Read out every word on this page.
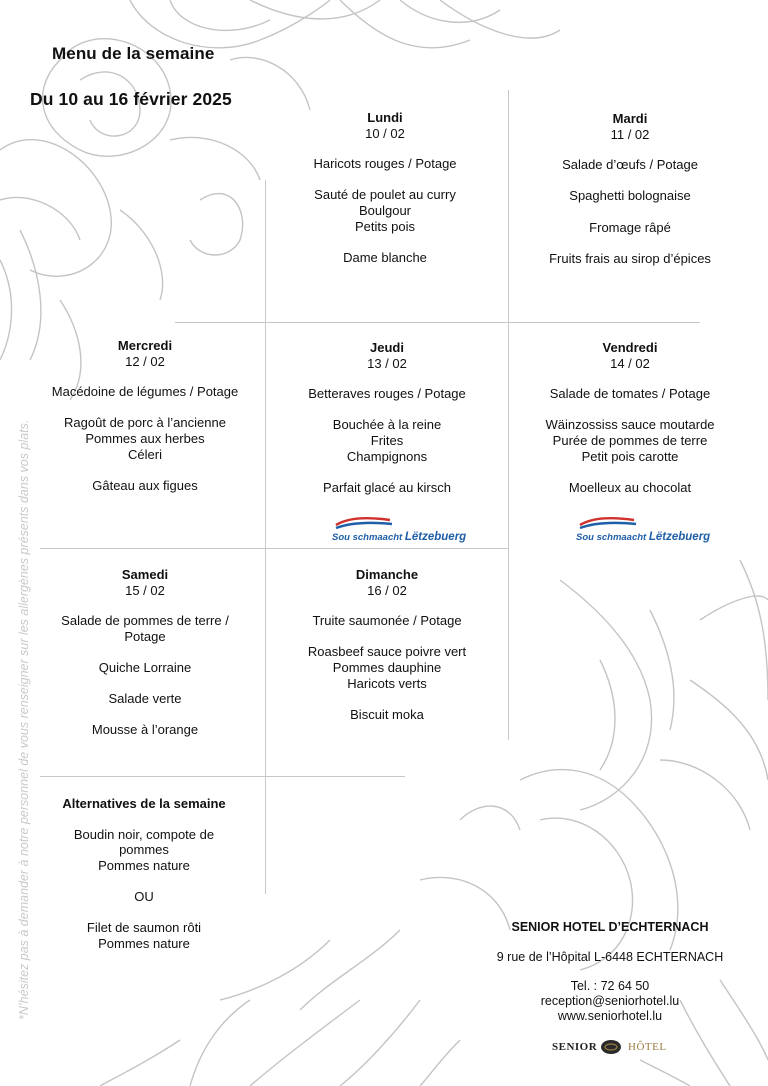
Menu de la semaine
Du 10 au 16 février 2025
Lundi
10 / 02
Haricots rouges / Potage
Sauté de poulet au curry
Boulgour
Petits pois
Dame blanche
Mardi
11 / 02
Salade d’œufs / Potage
Spaghetti bolognaise
Fromage râpé
Fruits frais au sirop d’épices
Mercredi
12 / 02
Macédoine de légumes / Potage
Ragoût de porc à l’ancienne
Pommes aux herbes
Céleri
Gâteau aux figues
Jeudi
13 / 02
Betteraves rouges / Potage
Bouchée à la reine
Frites
Champignons
Parfait glacé au kirsch
Vendredi
14 / 02
Salade de tomates / Potage
Wäinzossiss sauce moutarde
Purée de pommes de terre
Petit pois carotte
Moelleux au chocolat
Sou schmaacht Lëtzebuerg	Sou schmaacht Lëtzebuerg
Samedi
15 / 02
Salade de pommes de terre /
Potage
Quiche Lorraine
Salade verte
Mousse à l’orange
Dimanche
16 / 02
Truite saumonée / Potage
Roasbeef sauce poivre vert
Pommes dauphine
Haricots verts
Biscuit moka
Alternatives de la semaine
Boudin noir, compote de
pommes
Pommes nature
OU
Filet de saumon rôti
Pommes nature
*N’hésitez pas à demander à notre personnel de vous renseigner sur les allergènes présents dans vos plats.	SENIOR HOTEL D’ECHTERNACH
9 rue de l’Hôpital L-6448 ECHTERNACH
Tel. : 72 64 50
reception@seniorhotel.lu
www.seniorhotel.lu
SENIOR	HÔTEL
